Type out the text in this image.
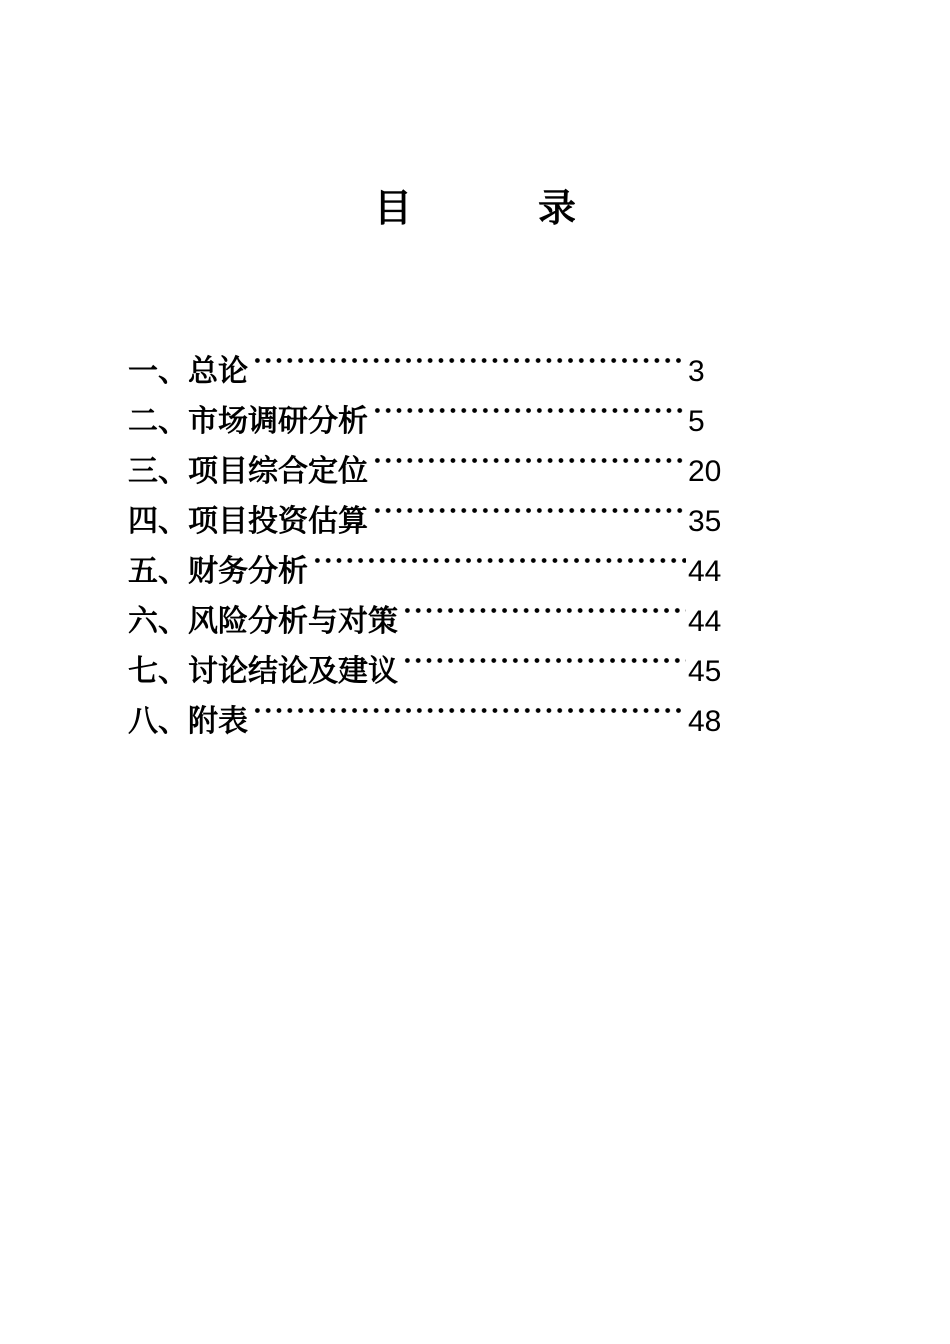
目　录
一、总论	3
二、市场调研分析	5
三、项目综合定位	20
四、项目投资估算	35
五、财务分析	44
六、风险分析与对策	44
七、讨论结论及建议	45
八、附表	48
